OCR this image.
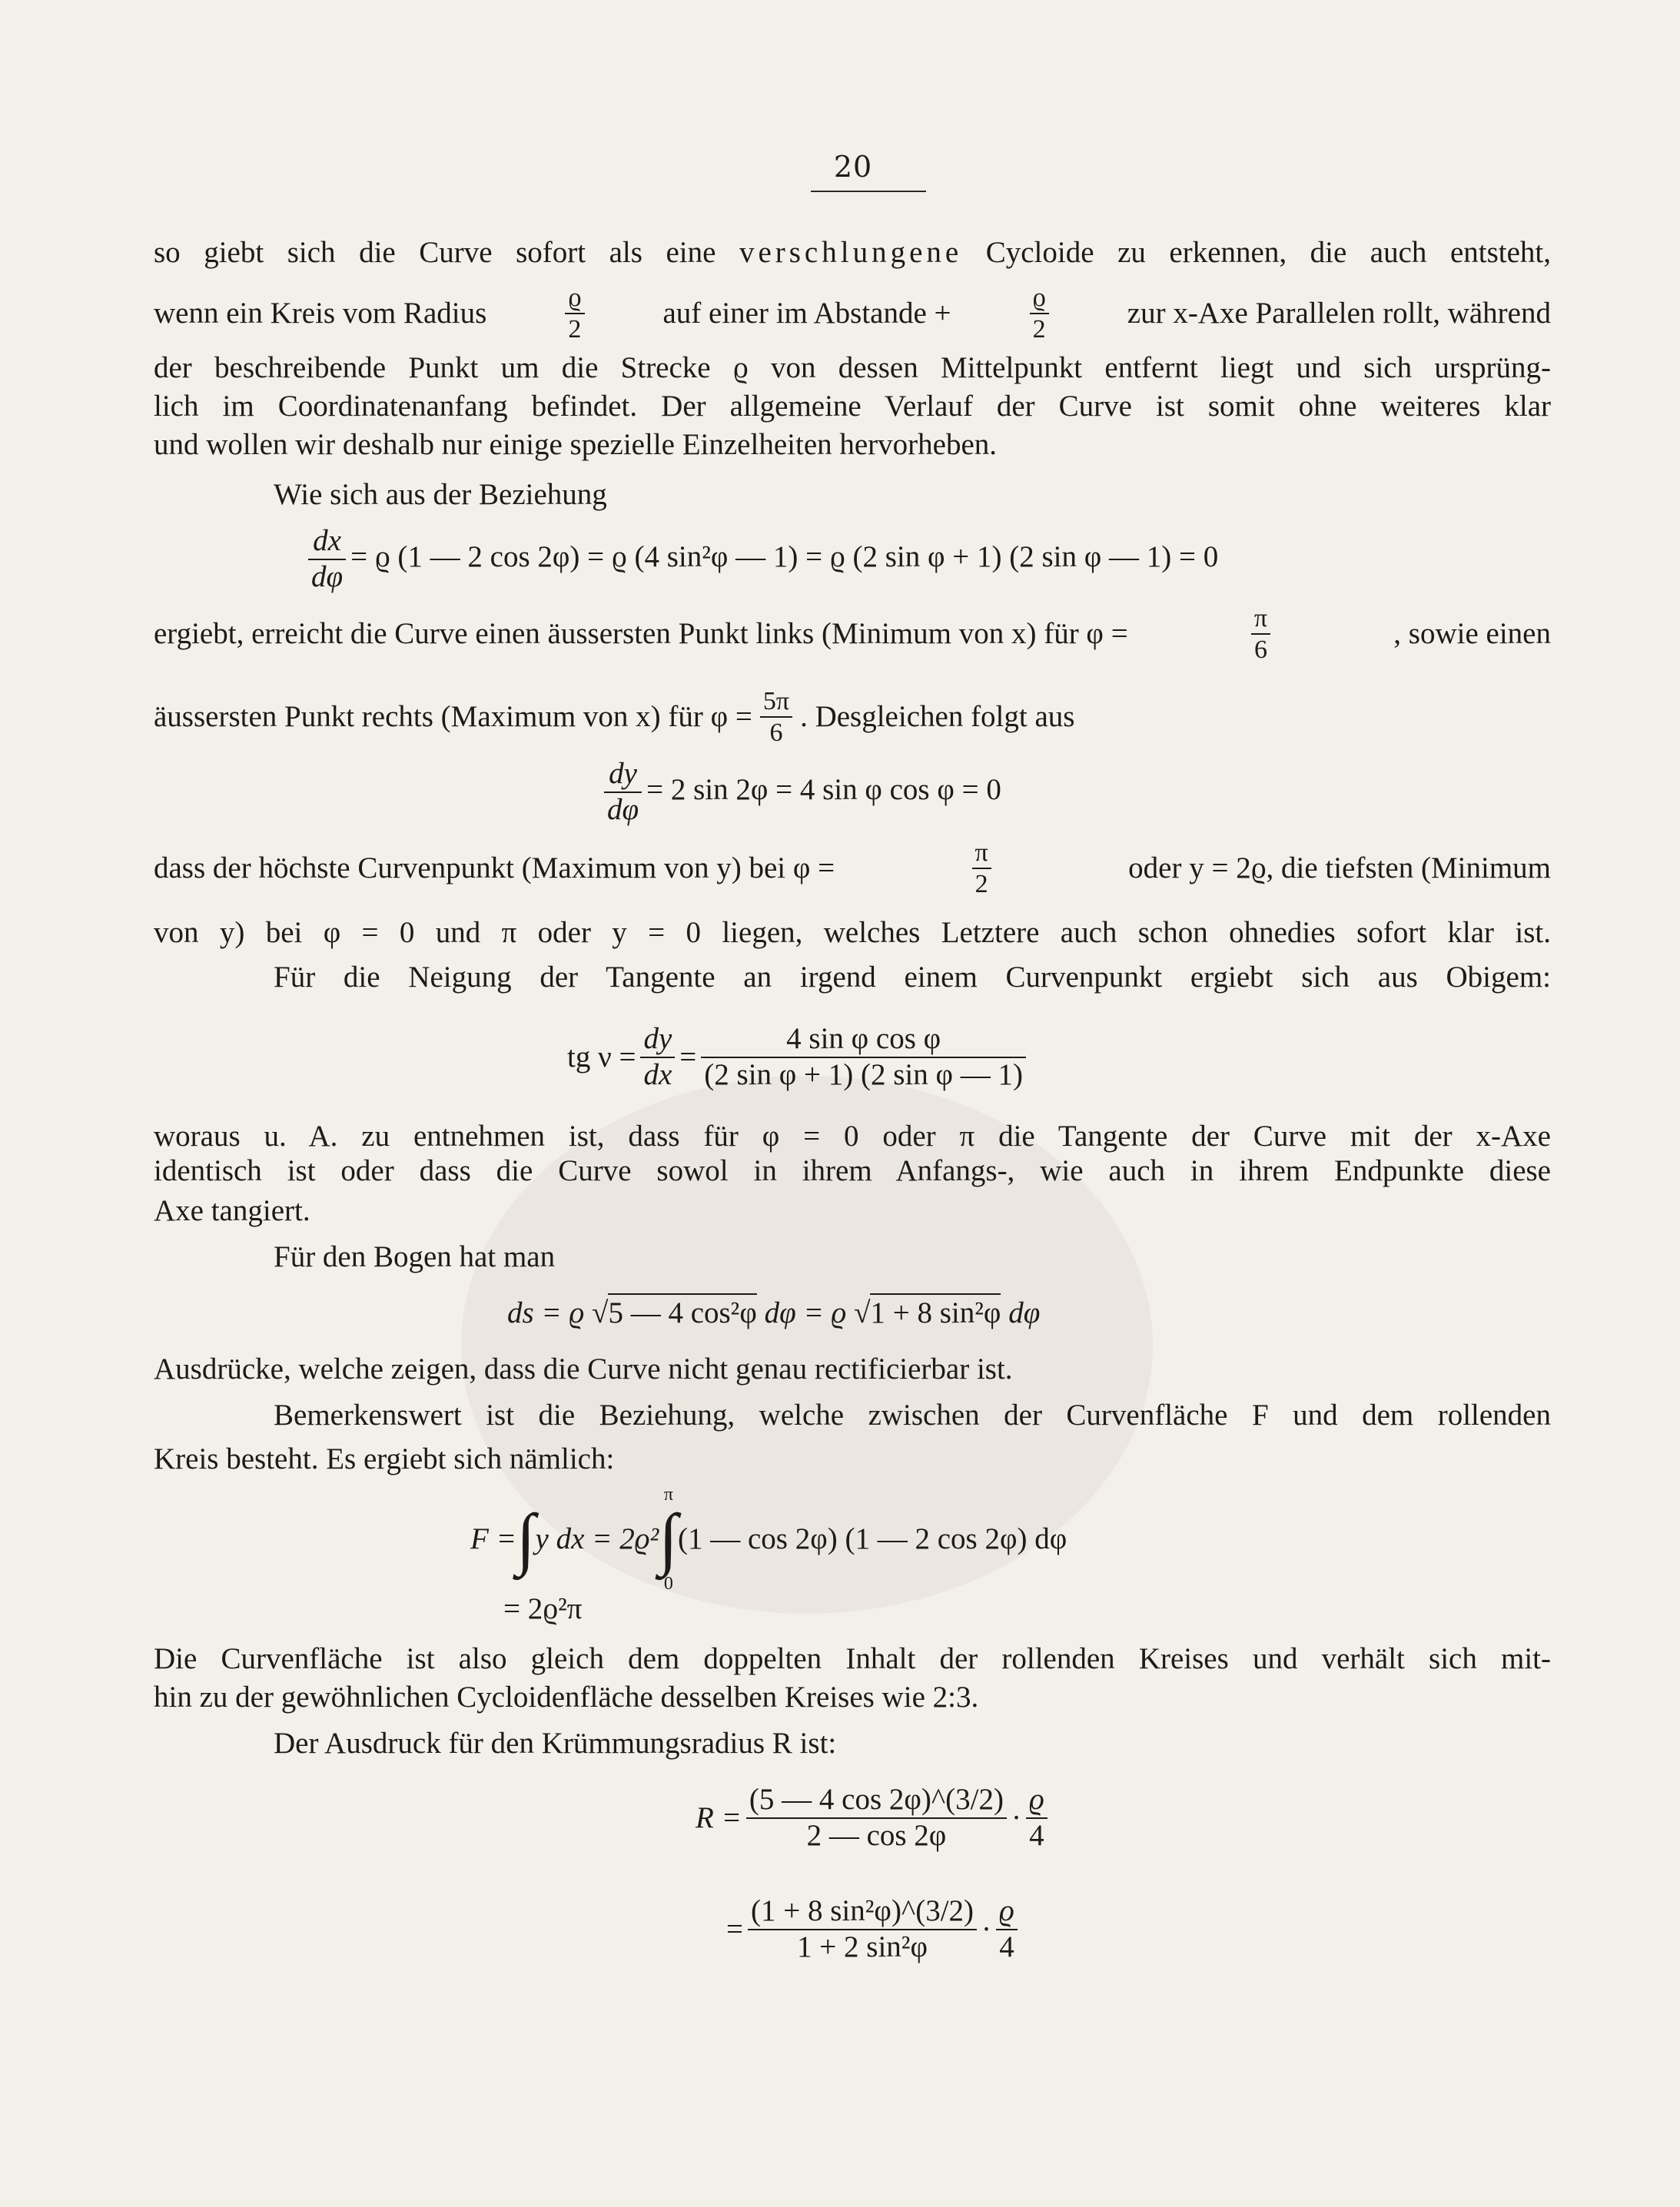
20

so giebt sich die Curve sofort als eine verschlungene Cycloide zu erkennen, die auch entsteht,

wenn ein Kreis vom Radius	$\frac{ϱ}{2}$	auf einer im Abstande +	$\frac{ϱ}{2}$	zur x-Axe Parallelen rollt, während

der beschreibende Punkt um die Strecke ϱ von dessen Mittelpunkt entfernt liegt und sich ursprüng-

lich im Coordinatenanfang befindet. Der allgemeine Verlauf der Curve ist somit ohne weiteres klar

und wollen wir deshalb nur einige spezielle Einzelheiten hervorheben.

Wie sich aus der Beziehung

$\frac{dx}{d\varphi} = ϱ$ (1 — 2 cos 2φ) = ϱ (4 sin²φ — 1) = ϱ (2 sin φ + 1) (2 sin φ — 1) = 0
ergiebt, erreicht die Curve einen äussersten Punkt links (Minimum von x) für φ =	$\frac{\pi}{6}$	, sowie einen
äussersten Punkt rechts (Maximum von x) für $\varphi = \frac{5\pi}{6}$ . Desgleichen folgt aus
$\frac{dy}{d\varphi} = 2$ sin 2φ = 4 sin φ cos φ = 0
dass der höchste Curvenpunkt (Maximum von y) bei φ =	$\frac{\pi}{2}$	oder y = 2ϱ, die tiefsten (Minimum

von y) bei φ = 0 und π oder y = 0 liegen, welches Letztere auch schon ohnedies sofort klar ist.

Für die Neigung der Tangente an irgend einem Curvenpunkt ergiebt sich aus Obigem:

tg $\nu = \frac{dy}{dx} = \frac{\text{4 sin φ cos φ}}{\text{(2 sin φ + 1) (2 sin φ — 1)}}$

woraus u. A. zu entnehmen ist, dass für φ = 0 oder π die Tangente der Curve mit der x-Axe

identisch ist oder dass die Curve sowol in ihrem Anfangs-, wie auch in ihrem Endpunkte diese

Axe tangiert.

Für den Bogen hat man

ds = ϱ √5 — 4 cos²φ dφ = ϱ √1 + 8 sin²φ dφ

Ausdrücke, welche zeigen, dass die Curve nicht genau rectificierbar ist.

Bemerkenswert ist die Beziehung, welche zwischen der Curvenfläche F und dem rollenden

Kreis besteht. Es ergiebt sich nämlich:

F = ∫ y dx = 2ϱ² ∫
π
0
(1 — cos 2φ) (1 — 2 cos 2φ) dφ
= 2ϱ²π

Die Curvenfläche ist also gleich dem doppelten Inhalt der rollenden Kreises und verhält sich mit-

hin zu der gewöhnlichen Cycloidenfläche desselben Kreises wie 2:3.

Der Ausdruck für den Krümmungsradius R ist:

$R = \frac{(5 — 4 \cos 2\varphi)\^{}(3/2)}{2 — \cos 2\varphi} \cdot \frac{ϱ}{4}$
= $\frac{\text{(1 + 8 sin²φ)\textasciicircum{}(3/2)}}{\text{1 + 2 sin²φ}} \cdot \frac{ϱ}{4}$
